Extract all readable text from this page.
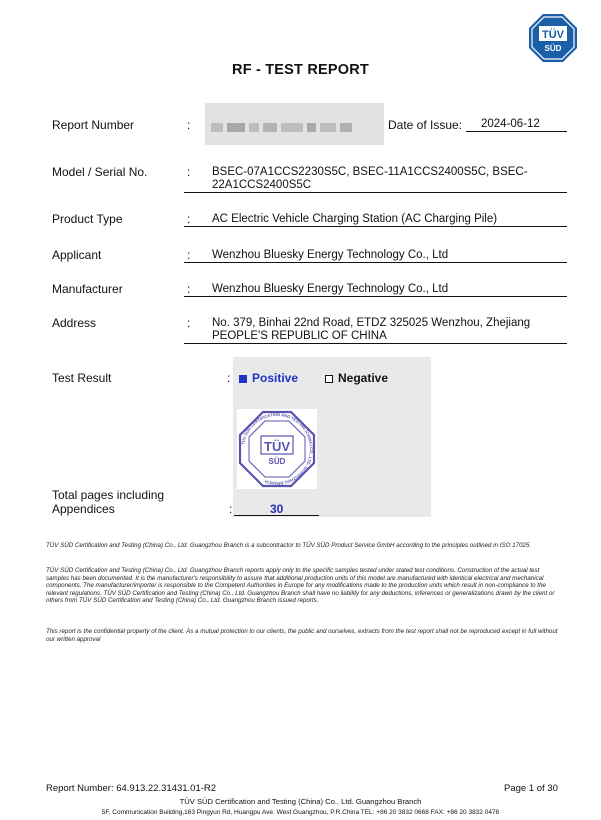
TÜV
SÜD
RF - TEST REPORT
Report Number	:	Date of Issue: 2024-06-12
Model / Serial No.	: BSEC-07A1CCS2230S5C, BSEC-11A1CCS2400S5C, BSEC-
22A1CCS2400S5C
Product Type	: AC Electric Vehicle Charging Station (AC Charging Pile)
Applicant	: Wenzhou Bluesky Energy Technology Co., Ltd
Manufacturer	: Wenzhou Bluesky Energy Technology Co., Ltd
Address	: No. 379, Binhai 22nd Road, ETDZ 325025 Wenzhou, Zhejiang
PEOPLE'S REPUBLIC OF CHINA
Test Result	:	Positive	Negative
TÜV SÜD CERTIFICATION AND TESTING (CHINA) CO., LTD. GUANGZHOU BRANCH
TÜV
SÜD
Total pages including
Appendices	:	30
TÜV SÜD Certification and Testing (China) Co., Ltd. Guangzhou Branch is a subcontractor to TÜV SÜD Product Service GmbH according to the principles outlined in ISO 17025.
TÜV SÜD Certification and Testing (China) Co., Ltd. Guangzhou Branch reports apply only to the specific samples tested under stated test conditions. Construction of the actual test samples has been documented. It is the manufacturer's responsibility to assure that additional production units of this model are manufactured with identical electrical and mechanical components. The manufacturer/importer is responsible to the Competent Authorities in Europe for any modifications made to the production units which result in non-compliance to the relevant regulations. TÜV SÜD Certification and Testing (China) Co., Ltd. Guangzhou Branch shall have no liability for any deductions, inferences or generalizations drawn by the client or others from TÜV SÜD Certification and Testing (China) Co., Ltd. Guangzhou Branch issued reports.
This report is the confidential property of the client. As a mutual protection to our clients, the public and ourselves, extracts from the test report shall not be reproduced except in full without our written approval
Report Number: 64.913.22.31431.01-R2	Page 1 of 30
TÜV SÜD Certification and Testing (China) Co., Ltd. Guangzhou Branch
5F, Communication Building,163 Pingyun Rd, Huangpu Ave. West Guangzhou, P.R.China TEL: +86 20 3832 0668 FAX: +86 20 3832 0478
